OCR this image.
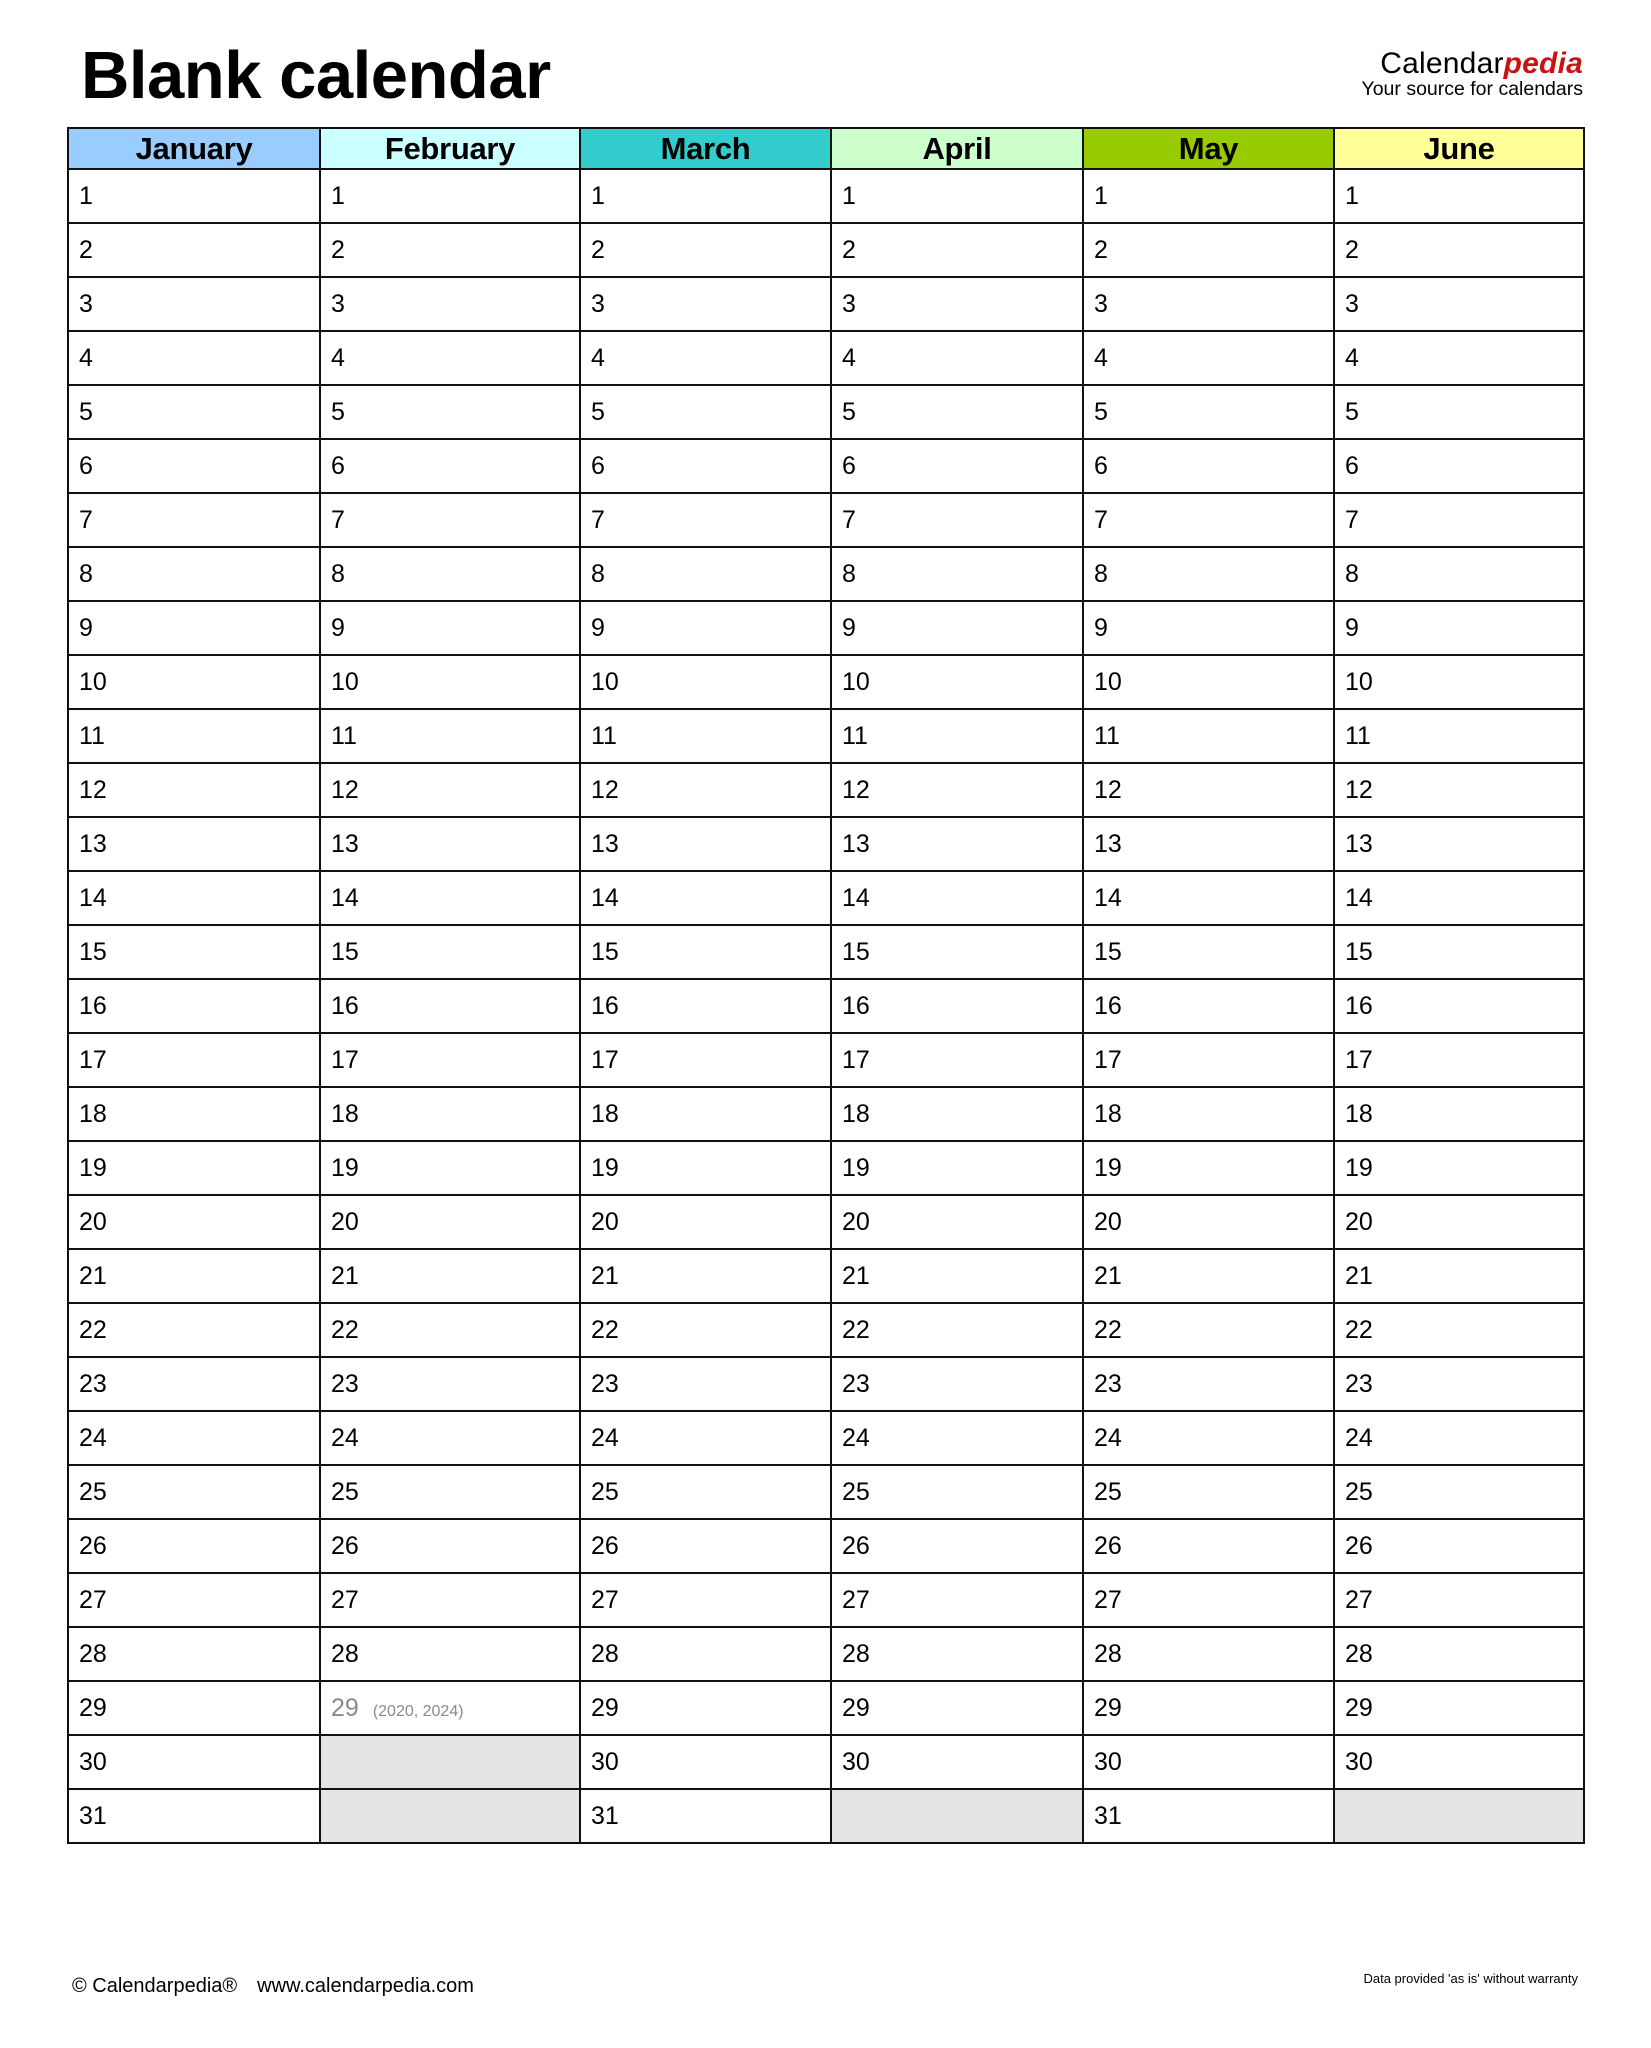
Blank calendar	Calendarpedia
Your source for calendars
January	February	March	April	May	June
1	1	1	1	1	1
2	2	2	2	2	2
3	3	3	3	3	3
4	4	4	4	4	4
5	5	5	5	5	5
6	6	6	6	6	6
7	7	7	7	7	7
8	8	8	8	8	8
9	9	9	9	9	9
10	10	10	10	10	10
11	11	11	11	11	11
12	12	12	12	12	12
13	13	13	13	13	13
14	14	14	14	14	14
15	15	15	15	15	15
16	16	16	16	16	16
17	17	17	17	17	17
18	18	18	18	18	18
19	19	19	19	19	19
20	20	20	20	20	20
21	21	21	21	21	21
22	22	22	22	22	22
23	23	23	23	23	23
24	24	24	24	24	24
25	25	25	25	25	25
26	26	26	26	26	26
27	27	27	27	27	27
28	28	28	28	28	28
29	29 (2020, 2024)	29	29	29	29
30		30	30	30	30
31		31		31	
© Calendarpedia® www.calendarpedia.com	Data provided 'as is' without warranty
